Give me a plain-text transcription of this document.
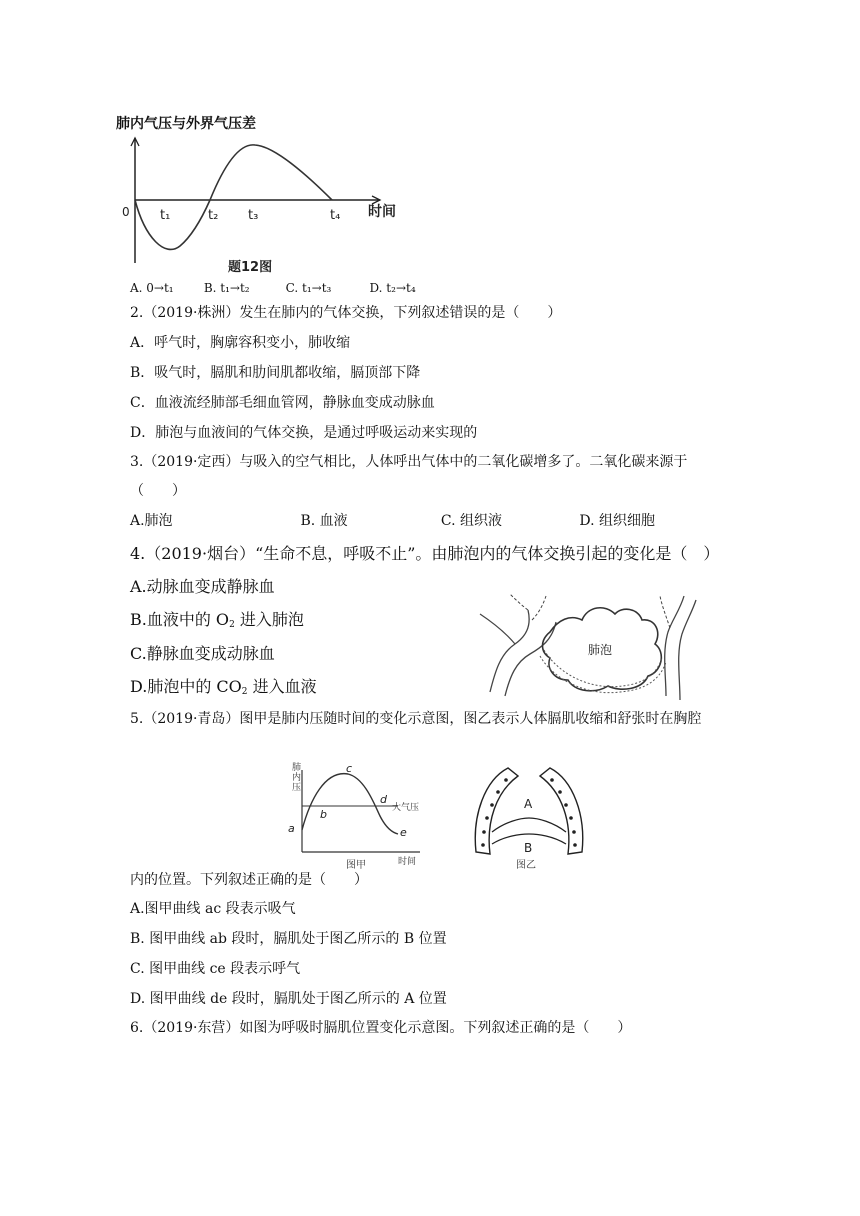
肺内气压与外界气压差
0 t₁	t₂ t₃	t₄ 时间
题12图
A. 0→t₁	B. t₁→t₂	C. t₁→t₃	D. t₂→t₄
2.（2019·株洲）发生在肺内的气体交换，下列叙述错误的是（　　）
A．呼气时，胸廓容积变小，肺收缩
B．吸气时，膈肌和肋间肌都收缩，膈顶部下降
C．血液流经肺部毛细血管网，静脉血变成动脉血
D．肺泡与血液间的气体交换，是通过呼吸运动来实现的
3.（2019·定西）与吸入的空气相比，人体呼出气体中的二氧化碳增多了。二氧化碳来源于
（　　）
A.肺泡	B. 血液	C. 组织液	D. 组织细胞
4.（2019·烟台）“生命不息，呼吸不止”。由肺泡内的气体交换引起的变化是（　）
A.动脉血变成静脉血
B.血液中的 $O_2$ 进入肺泡
C.静脉血变成动脉血
D.肺泡中的 $CO_2$ 进入血液
肺泡
5.（2019·青岛）图甲是肺内压随时间的变化示意图，图乙表示人体膈肌收缩和舒张时在胸腔
肺内压
a
b
c
d
e
大气压
时间
图甲
A
B
图乙
内的位置。下列叙述正确的是（　　）
A.图甲曲线 ac 段表示吸气
B. 图甲曲线 ab 段时，膈肌处于图乙所示的 B 位置
C. 图甲曲线 ce 段表示呼气
D. 图甲曲线 de 段时，膈肌处于图乙所示的 A 位置
6.（2019·东营）如图为呼吸时膈肌位置变化示意图。下列叙述正确的是（　　）
